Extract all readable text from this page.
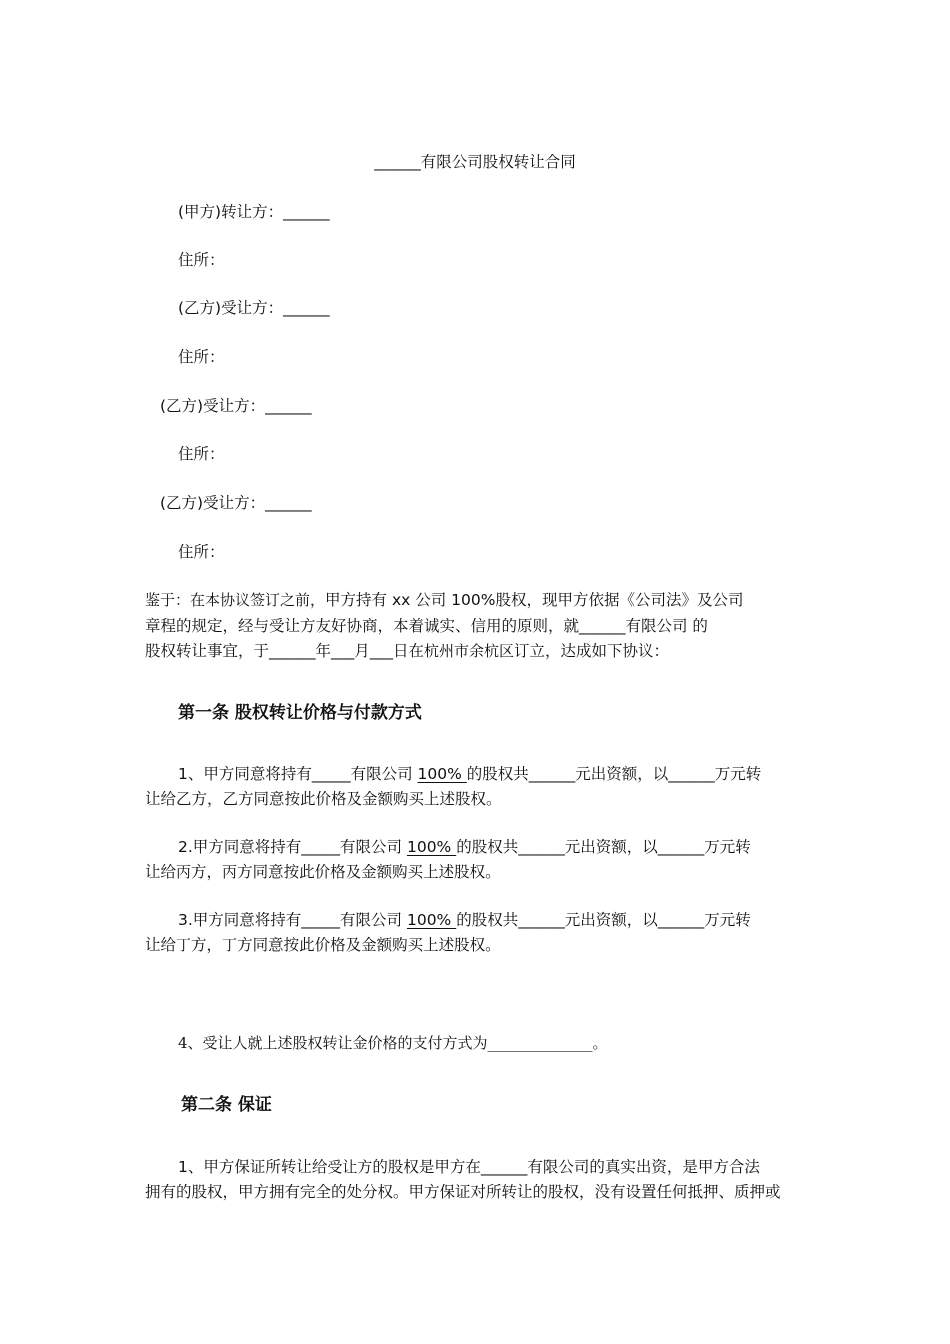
______有限公司股权转让合同
(甲方)转让方：______
住所：
(乙方)受让方：______
住所：
(乙方)受让方：______
住所：
(乙方)受让方：______
住所：
鉴于：在本协议签订之前，甲方持有 xx 公司 100%股权，现甲方依据《公司法》及公司
章程的规定，经与受让方友好协商，本着诚实、信用的原则，就______有限公司 的
股权转让事宜，于______年___月___日在杭州市余杭区订立，达成如下协议：
第一条 股权转让价格与付款方式
1、甲方同意将持有_____有限公司 100% 的股权共______元出资额，以______万元转
让给乙方，乙方同意按此价格及金额购买上述股权。
2.甲方同意将持有_____有限公司 100% 的股权共______元出资额，以______万元转
让给丙方，丙方同意按此价格及金额购买上述股权。
3.甲方同意将持有_____有限公司 100% 的股权共______元出资额，以______万元转
让给丁方，丁方同意按此价格及金额购买上述股权。
4、受让人就上述股权转让金价格的支付方式为______________。
第二条 保证
1、甲方保证所转让给受让方的股权是甲方在______有限公司的真实出资，是甲方合法
拥有的股权，甲方拥有完全的处分权。甲方保证对所转让的股权，没有设置任何抵押、质押或
